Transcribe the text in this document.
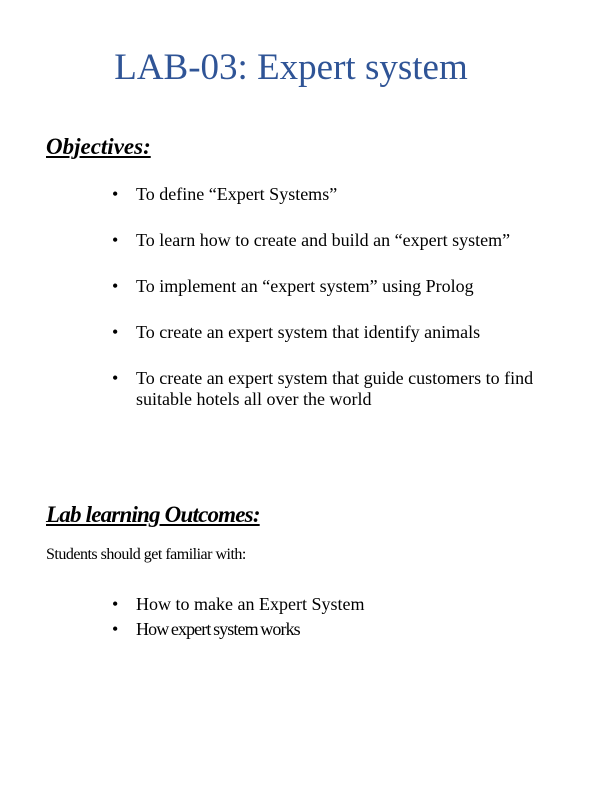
LAB-03: Expert system
Objectives:
• To define “Expert Systems”
• To learn how to create and build an “expert system”
• To implement an “expert system” using Prolog
• To create an expert system that identify animals
• To create an expert system that guide customers to find suitable hotels all over the world
Lab learning Outcomes:

Students should get familiar with:

• How to make an Expert System
• How expert system works
